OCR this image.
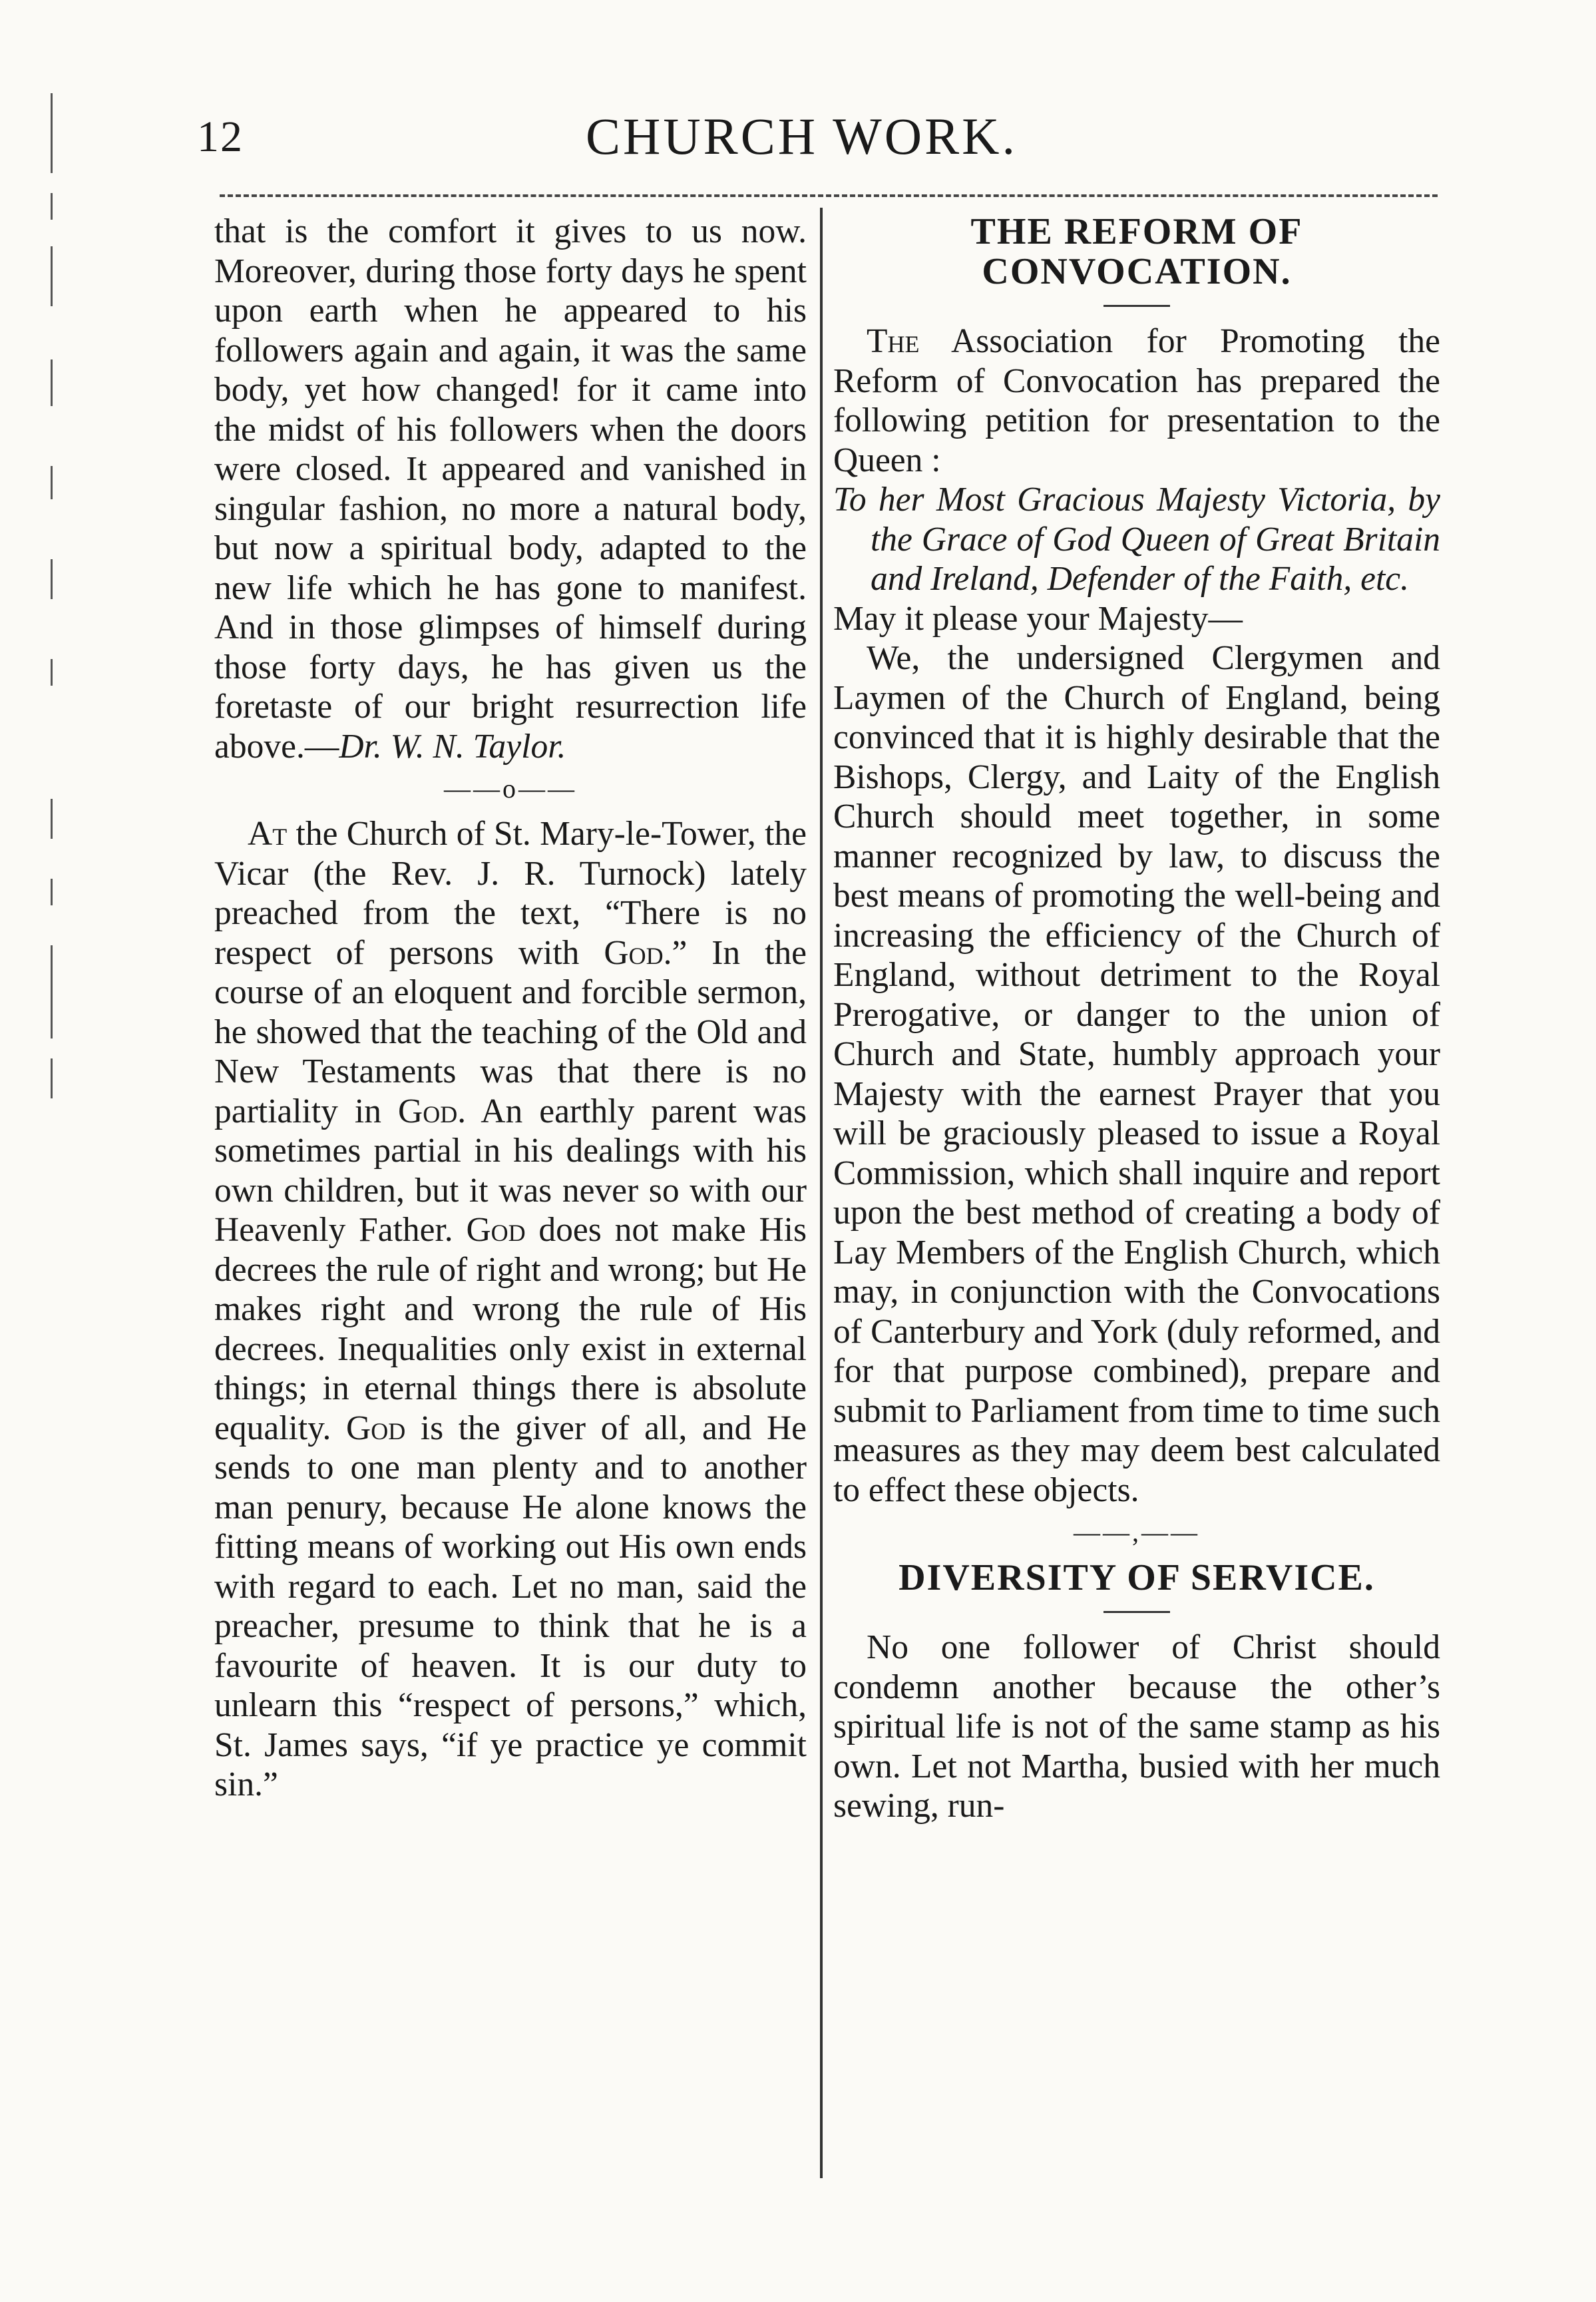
12	CHURCH WORK.

that is the comfort it gives to us now. Moreover, during those forty days he spent upon earth when he appeared to his followers again and again, it was the same body, yet how changed! for it came into the midst of his followers when the doors were closed. It appeared and vanished in singular fashion, no more a natural body, but now a spiritual body, adapted to the new life which he has gone to manifest. And in those glimpses of himself during those forty days, he has given us the foretaste of our bright resurrection life above.—Dr. W. N. Taylor.

——o——

At the Church of St. Mary-le-Tower, the Vicar (the Rev. J. R. Turnock) lately preached from the text, “There is no respect of persons with God.” In the course of an eloquent and forcible sermon, he showed that the teaching of the Old and New Testaments was that there is no partiality in God. An earthly parent was sometimes partial in his dealings with his own children, but it was never so with our Heavenly Father. God does not make His decrees the rule of right and wrong; but He makes right and wrong the rule of His decrees. Inequalities only exist in external things; in eternal things there is absolute equality. God is the giver of all, and He sends to one man plenty and to another man penury, because He alone knows the fitting means of working out His own ends with regard to each. Let no man, said the preacher, presume to think that he is a favourite of heaven. It is our duty to unlearn this “respect of persons,” which, St. James says, “if ye practice ye commit sin.”

THE REFORM OF CONVOCATION.

The Association for Promoting the Reform of Convocation has prepared the following petition for presentation to the Queen :

To her Most Gracious Majesty Victoria, by the Grace of God Queen of Great Britain and Ireland, Defender of the Faith, etc.

May it please your Majesty—

We, the undersigned Clergymen and Laymen of the Church of England, being convinced that it is highly desirable that the Bishops, Clergy, and Laity of the English Church should meet together, in some manner recognized by law, to discuss the best means of promoting the well-being and increasing the efficiency of the Church of England, without detriment to the Royal Prerogative, or danger to the union of Church and State, humbly approach your Majesty with the earnest Prayer that you will be graciously pleased to issue a Royal Commission, which shall inquire and report upon the best method of creating a body of Lay Members of the English Church, which may, in conjunction with the Convocations of Canterbury and York (duly reformed, and for that purpose combined), prepare and submit to Parliament from time to time such measures as they may deem best calculated to effect these objects.

——,——
DIVERSITY OF SERVICE.

No one follower of Christ should condemn another because the other’s spiritual life is not of the same stamp as his own. Let not Martha, busied with her much sewing, run-
